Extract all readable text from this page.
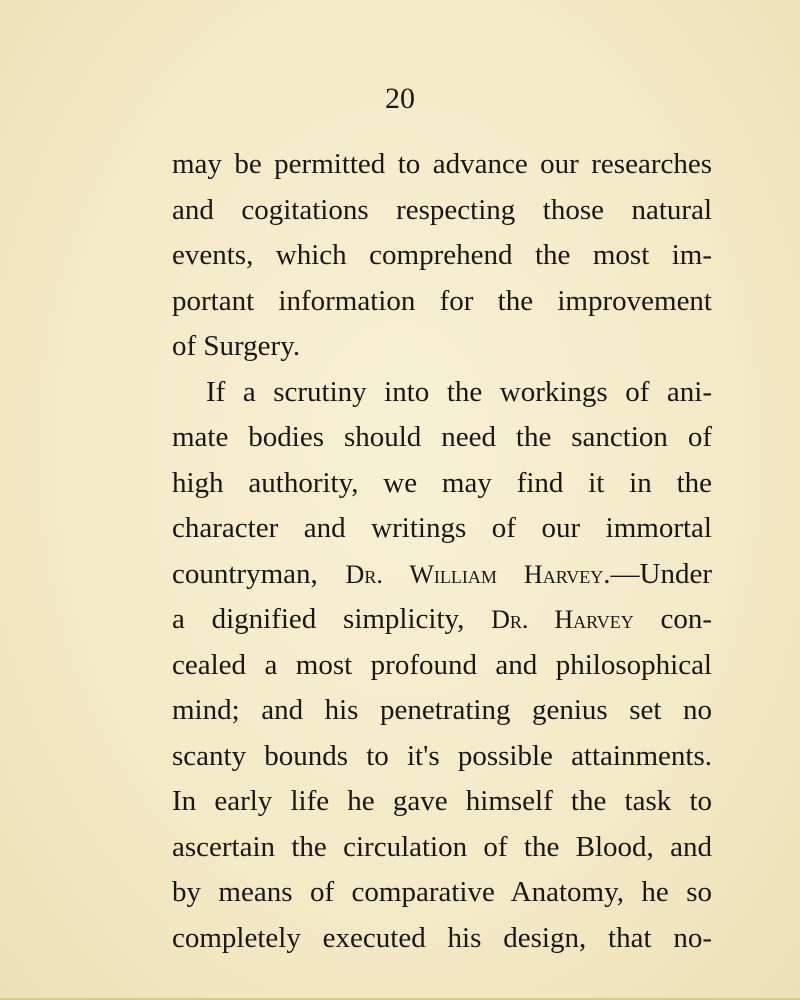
20
may be permitted to advance our researches
and cogitations respecting those natural
events, which comprehend the most im-
portant information for the improvement
of Surgery.
If a scrutiny into the workings of ani-
mate bodies should need the sanction of
high authority, we may find it in the
character and writings of our immortal
countryman, Dr. William Harvey.—Under
a dignified simplicity, Dr. Harvey con-
cealed a most profound and philosophical
mind; and his penetrating genius set no
scanty bounds to it's possible attainments.
In early life he gave himself the task to
ascertain the circulation of the Blood, and
by means of comparative Anatomy, he so
completely executed his design, that no-
